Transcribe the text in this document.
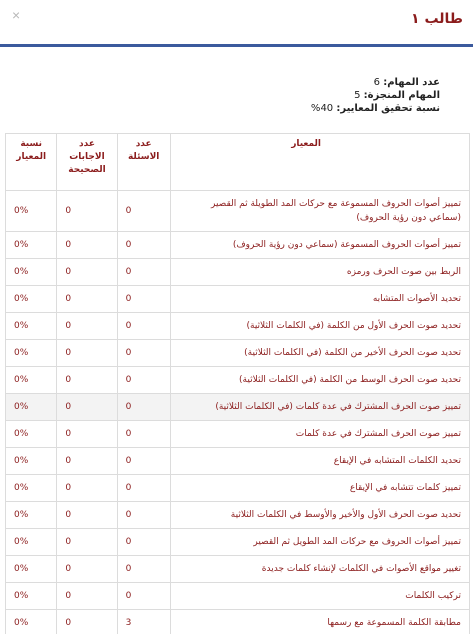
طالب ١
×
عدد المهام: 6
المهام المنجزة: 5
نسبة تحقيق المعايير: 40%
المعيار	عدد الاسئلة	عدد الاجابات الصحيحة	نسبة المعيار
تمييز أصوات الحروف المسموعة مع حركات المد الطويلة ثم القصير (سماعي دون رؤية الحروف)	0	0	0%
تمييز أصوات الحروف المسموعة (سماعي دون رؤية الحروف)	0	0	0%
الربط بين صوت الحرف ورمزه	0	0	0%
تحديد الأصوات المتشابه	0	0	0%
تحديد صوت الحرف الأول من الكلمة (في الكلمات الثلاثية)	0	0	0%
تحديد صوت الحرف الأخير من الكلمة (في الكلمات الثلاثية)	0	0	0%
تحديد صوت الحرف الوسط من الكلمة (في الكلمات الثلاثية)	0	0	0%
تمييز صوت الحرف المشترك في عدة كلمات (في الكلمات الثلاثية)	0	0	0%
تمييز صوت الحرف المشترك في عدة كلمات	0	0	0%
تحديد الكلمات المتشابه في الإيقاع	0	0	0%
تمييز كلمات تتشابه في الإيقاع	0	0	0%
تحديد صوت الحرف الأول والأخير والأوسط في الكلمات الثلاثية	0	0	0%
تمييز أصوات الحروف مع حركات المد الطويل ثم القصير	0	0	0%
تغيير مواقع الأصوات في الكلمات لإنشاء كلمات جديدة	0	0	0%
تركيب الكلمات	0	0	0%
مطابقة الكلمة المسموعة مع رسمها	3	0	0%
